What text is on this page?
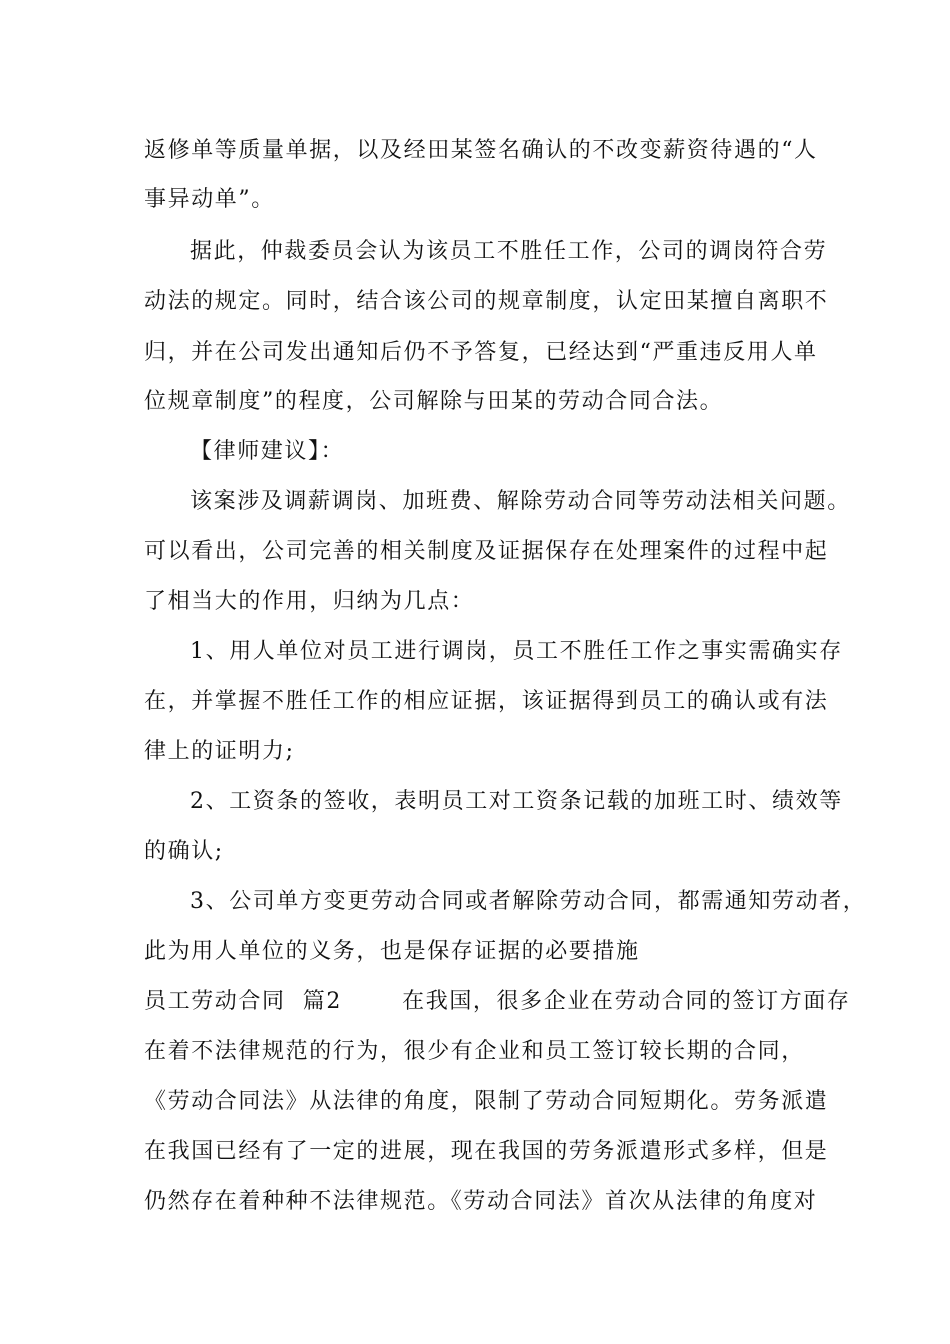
返修单等质量单据，以及经田某签名确认的不改变薪资待遇的“人
事异动单”。
据此，仲裁委员会认为该员工不胜任工作，公司的调岗符合劳
动法的规定。同时，结合该公司的规章制度，认定田某擅自离职不
归，并在公司发出通知后仍不予答复，已经达到“严重违反用人单
位规章制度”的程度，公司解除与田某的劳动合同合法。
【律师建议】：
该案涉及调薪调岗、加班费、解除劳动合同等劳动法相关问题。
可以看出，公司完善的相关制度及证据保存在处理案件的过程中起
了相当大的作用，归纳为几点：
1、用人单位对员工进行调岗，员工不胜任工作之事实需确实存
在，并掌握不胜任工作的相应证据，该证据得到员工的确认或有法
律上的证明力;
2、工资条的签收，表明员工对工资条记载的加班工时、绩效等
的确认;
3、公司单方变更劳动合同或者解除劳动合同，都需通知劳动者，
此为用人单位的义务，也是保存证据的必要措施
员工劳动合同  篇2       在我国，很多企业在劳动合同的签订方面存
在着不法律规范的行为，很少有企业和员工签订较长期的合同，
《劳动合同法》从法律的角度，限制了劳动合同短期化。劳务派遣
在我国已经有了一定的进展，现在我国的劳务派遣形式多样，但是
仍然存在着种种不法律规范。《劳动合同法》首次从法律的角度对
